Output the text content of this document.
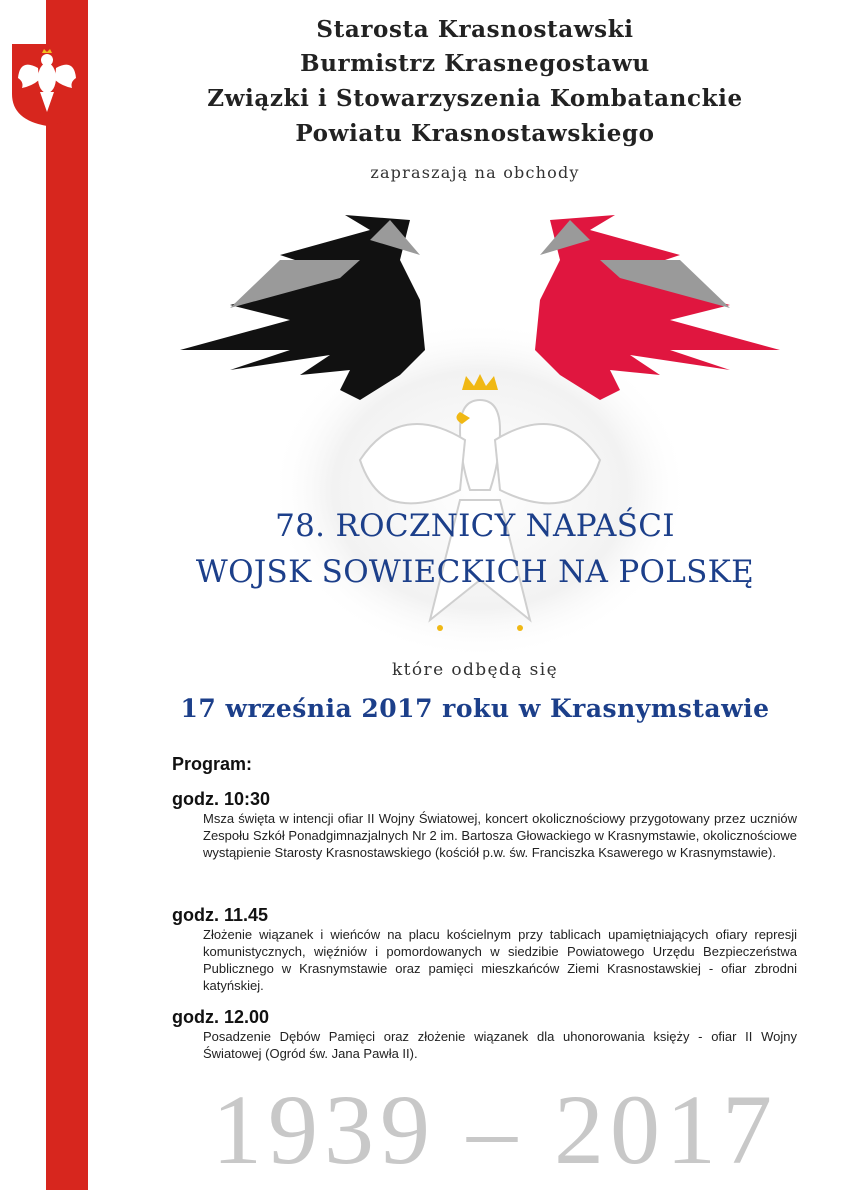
Starosta Krasnostawski
Burmistrz Krasnegostawu
Związki i Stowarzyszenia Kombatanckie
Powiatu Krasnostawskiego
zapraszają na obchody
78. ROCZNICY NAPAŚCI
WOJSK SOWIECKICH NA POLSKĘ
które odbędą się
17 września 2017 roku w Krasnymstawie
Program:
godz. 10:30
Msza święta w intencji ofiar II Wojny Światowej, koncert okolicznościowy przygotowany przez uczniów Zespołu Szkół Ponadgimnazjalnych Nr 2 im. Bartosza Głowackiego w Krasnymstawie, okolicznościowe wystąpienie Starosty Krasnostawskiego (kościół p.w. św. Franciszka Ksawerego w Krasnymstawie).
godz. 11.45
Złożenie wiązanek i wieńców na placu kościelnym przy tablicach upamiętniających ofiary represji komunistycznych, więźniów i pomordowanych w siedzibie Powiatowego Urzędu Bezpieczeństwa Publicznego w Krasnymstawie oraz pamięci mieszkańców Ziemi Krasnostawskiej - ofiar zbrodni katyńskiej.
godz. 12.00
Posadzenie Dębów Pamięci oraz złożenie wiązanek dla uhonorowania księży - ofiar II Wojny Światowej (Ogród św. Jana Pawła II).
1939 – 2017
